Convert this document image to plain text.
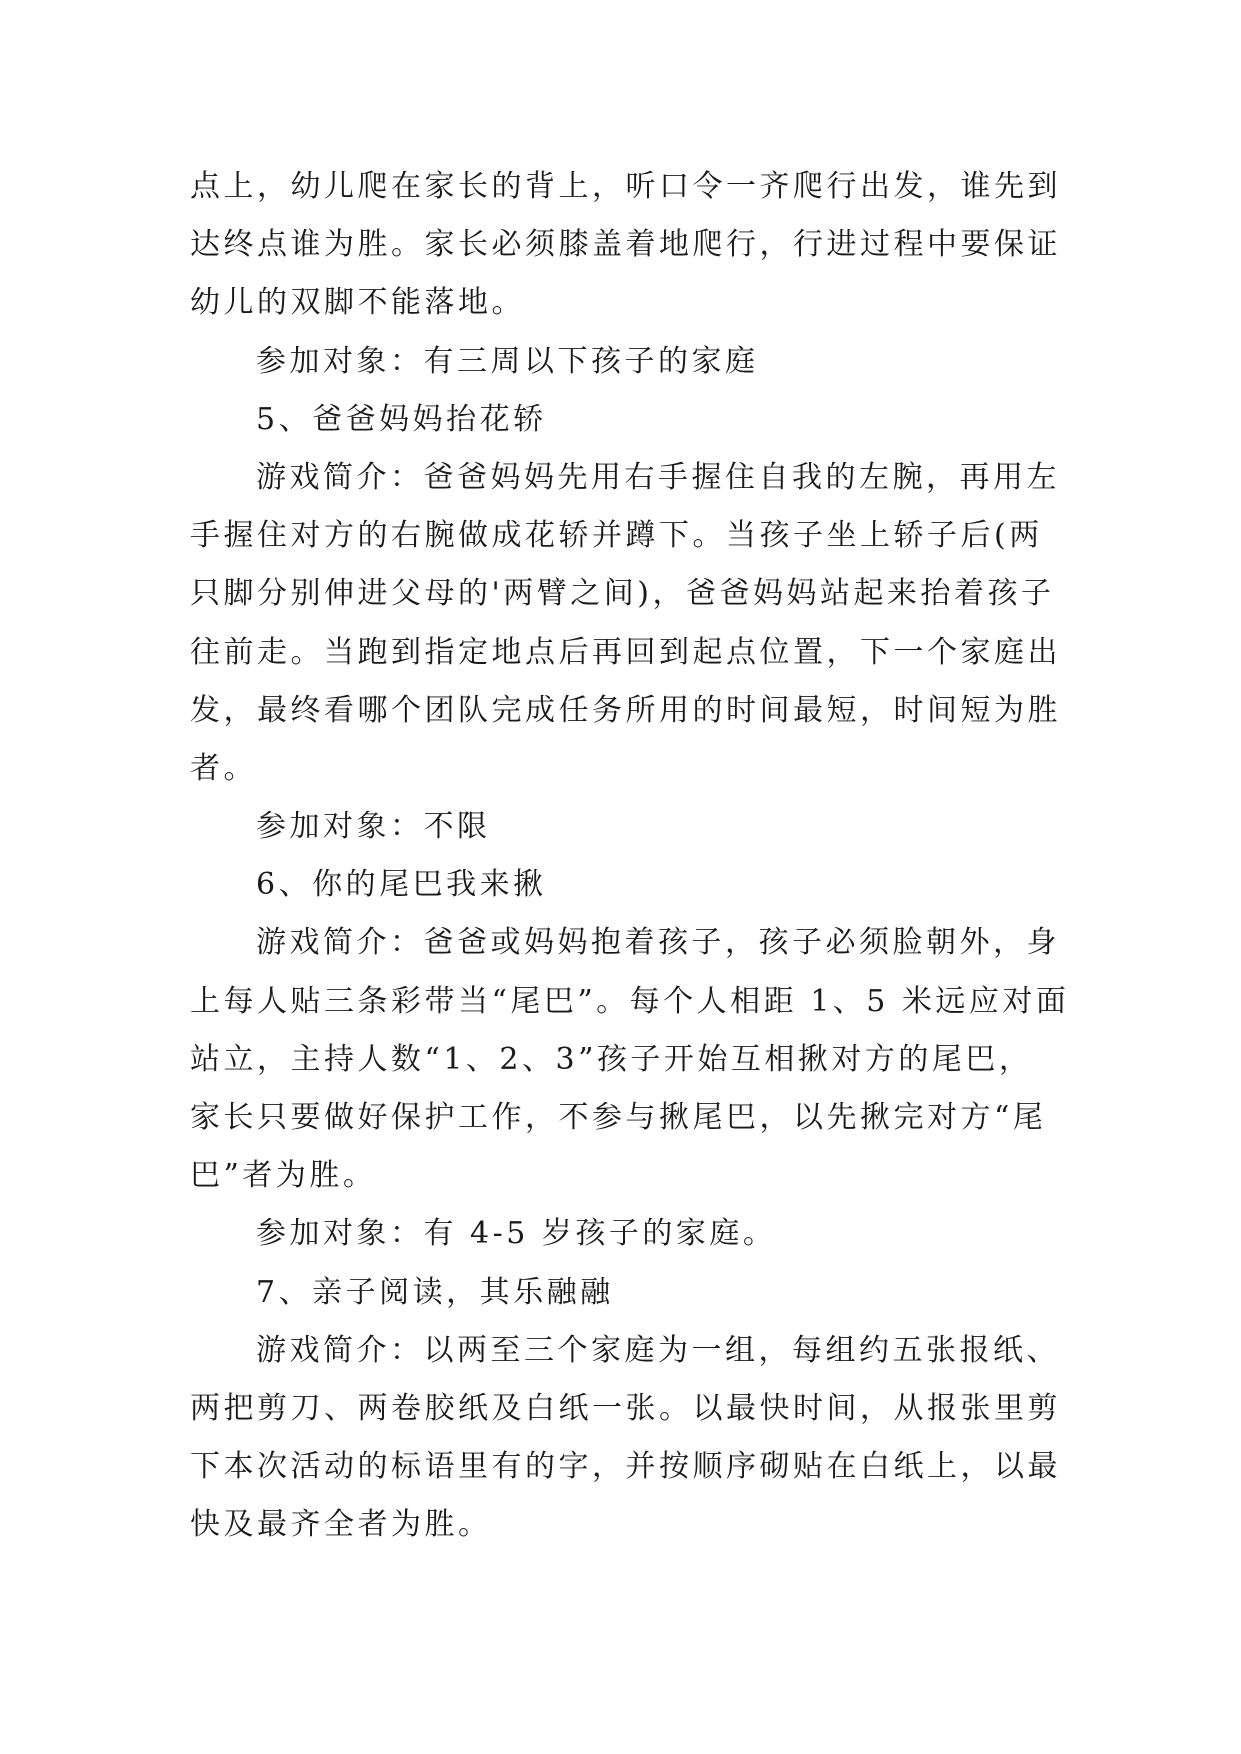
点上，幼儿爬在家长的背上，听口令一齐爬行出发，谁先到
达终点谁为胜。家长必须膝盖着地爬行，行进过程中要保证
幼儿的双脚不能落地。
参加对象：有三周以下孩子的家庭
5、爸爸妈妈抬花轿
游戏简介：爸爸妈妈先用右手握住自我的左腕，再用左
手握住对方的右腕做成花轿并蹲下。当孩子坐上轿子后(两
只脚分别伸进父母的'两臂之间)，爸爸妈妈站起来抬着孩子
往前走。当跑到指定地点后再回到起点位置，下一个家庭出
发，最终看哪个团队完成任务所用的时间最短，时间短为胜
者。
参加对象：不限
6、你的尾巴我来揪
游戏简介：爸爸或妈妈抱着孩子，孩子必须脸朝外，身
上每人贴三条彩带当“尾巴”。每个人相距 1、5 米远应对面
站立，主持人数“1、2、3”孩子开始互相揪对方的尾巴，
家长只要做好保护工作，不参与揪尾巴，以先揪完对方“尾
巴”者为胜。
参加对象：有 4-5 岁孩子的家庭。
7、亲子阅读，其乐融融
游戏简介：以两至三个家庭为一组，每组约五张报纸、
两把剪刀、两卷胶纸及白纸一张。以最快时间，从报张里剪
下本次活动的标语里有的字，并按顺序砌贴在白纸上，以最
快及最齐全者为胜。
